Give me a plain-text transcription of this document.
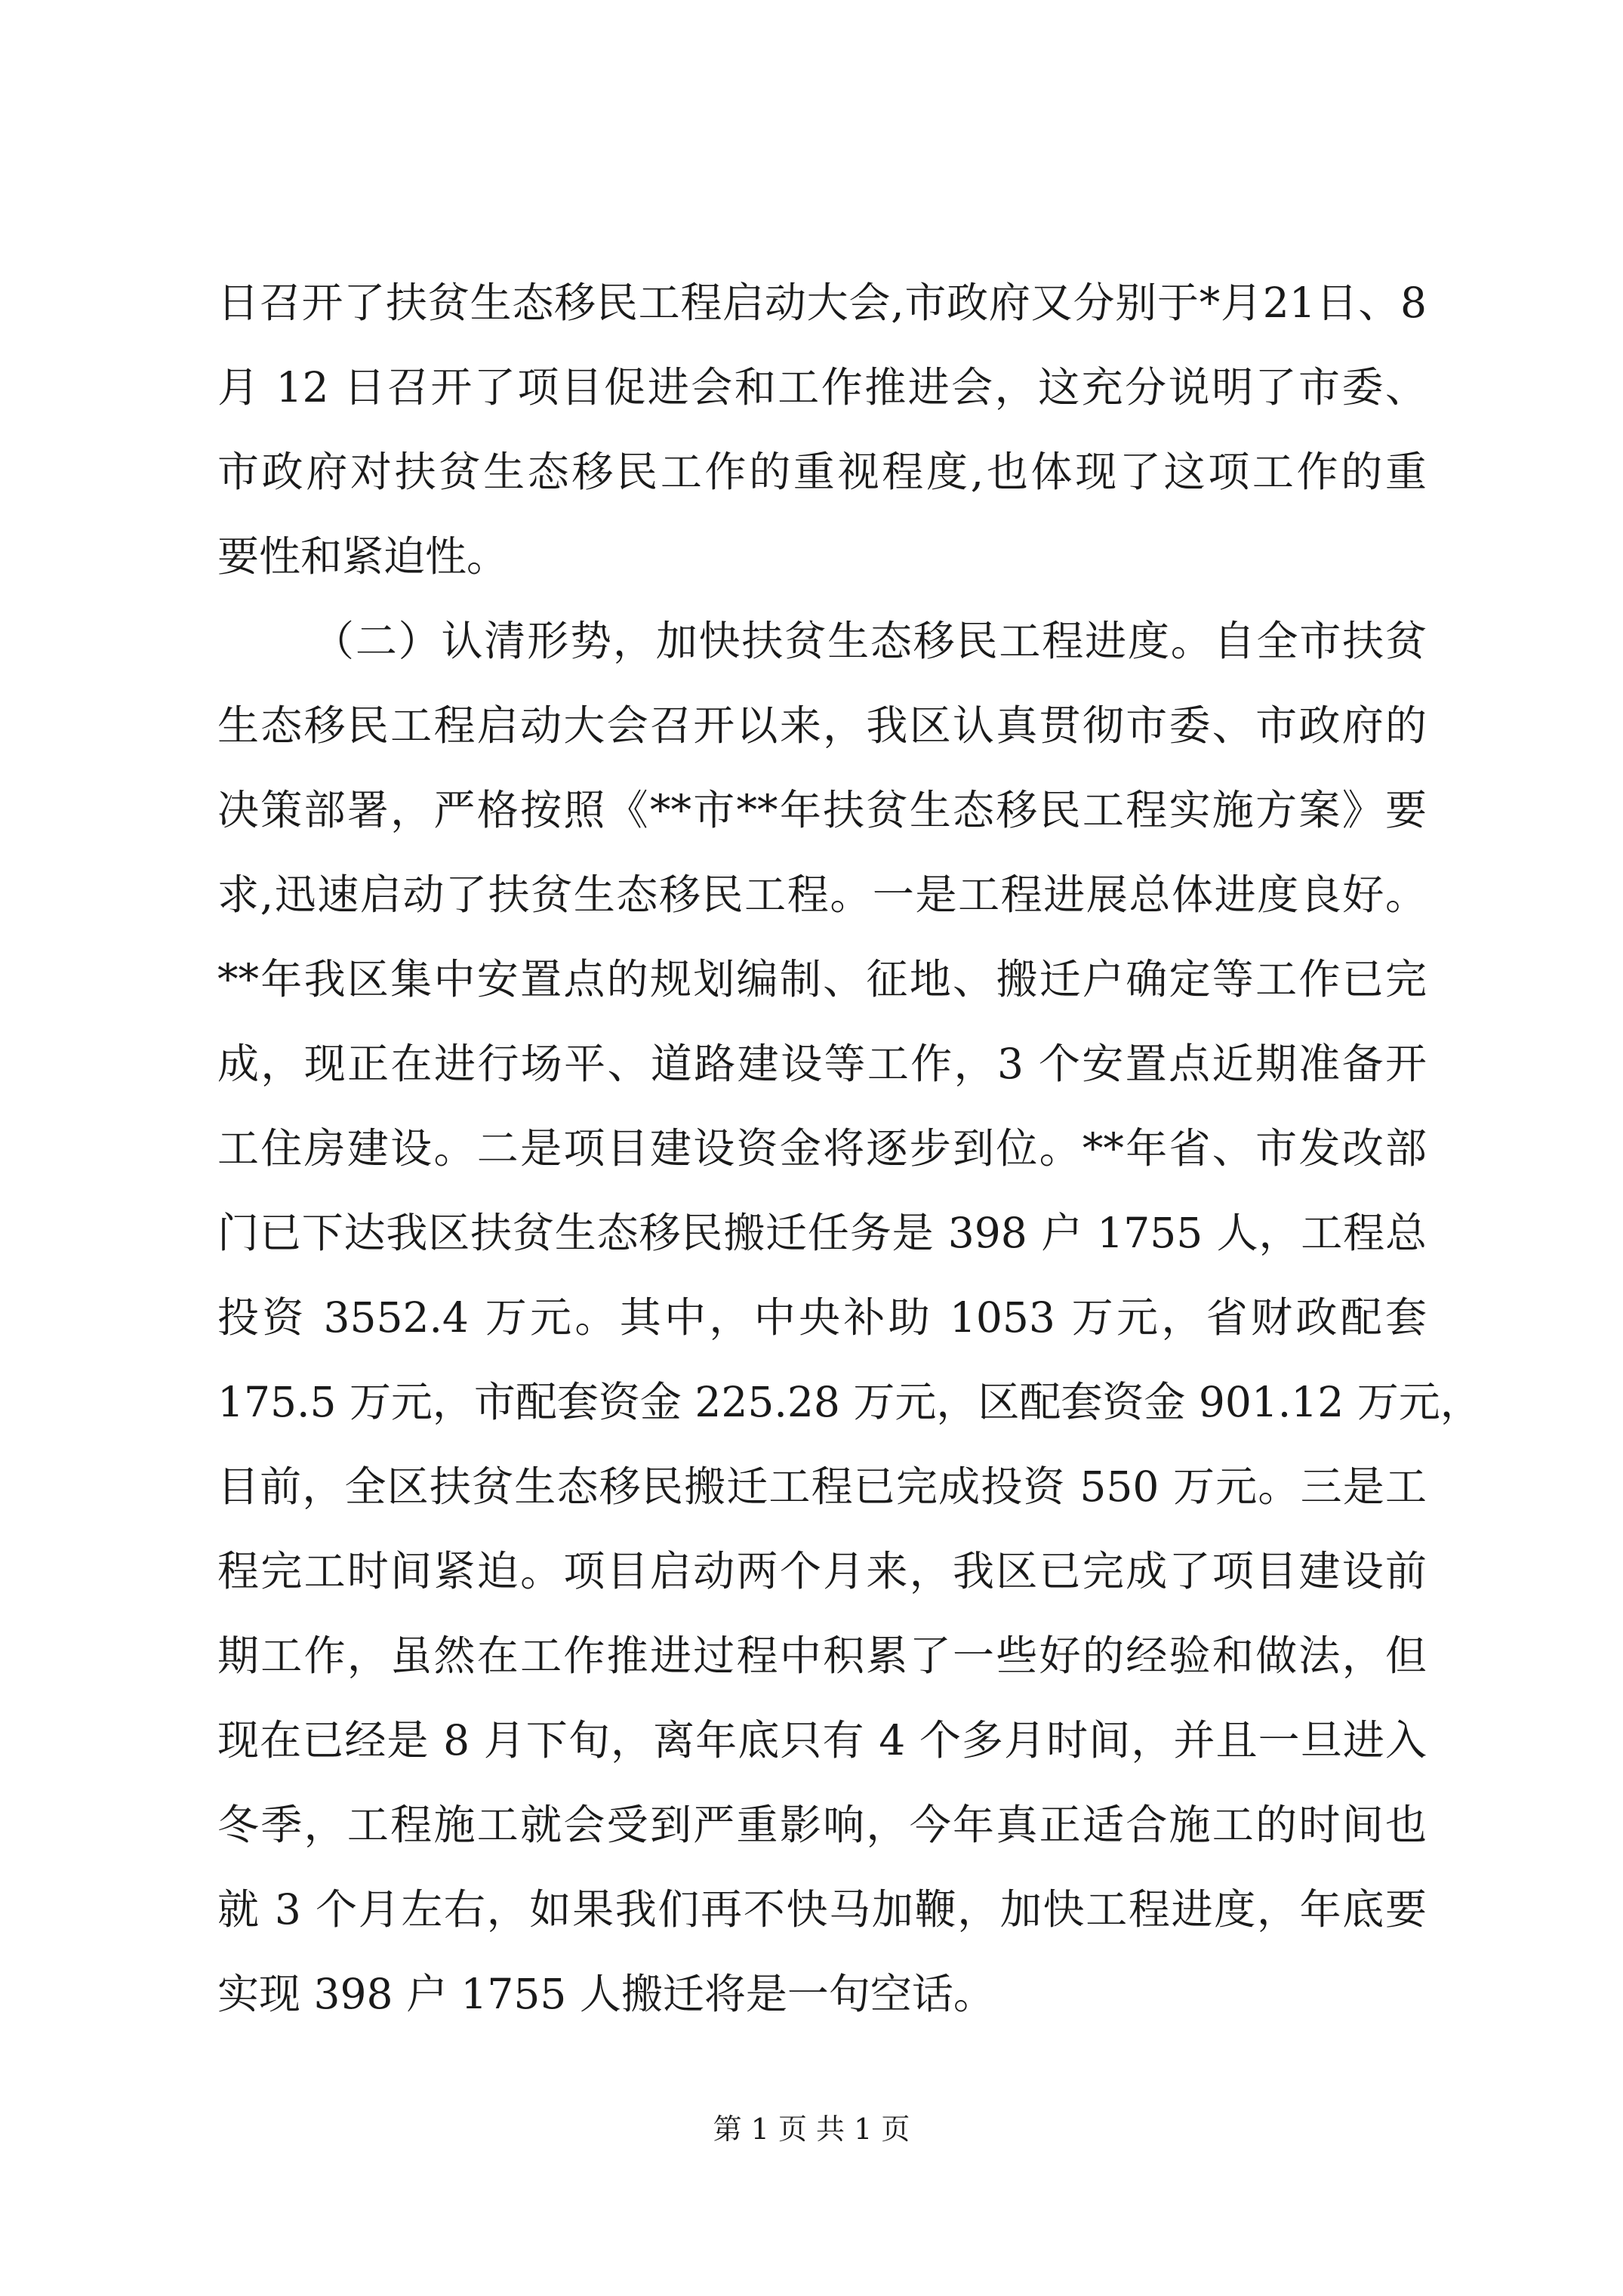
日召开了扶贫生态移民工程启动大会,市政府又分别于*月21日、8
月 12 日召开了项目促进会和工作推进会，这充分说明了市委、
市政府对扶贫生态移民工作的重视程度,也体现了这项工作的重
要性和紧迫性。
（二）认清形势，加快扶贫生态移民工程进度。自全市扶贫
生态移民工程启动大会召开以来，我区认真贯彻市委、市政府的
决策部署，严格按照《**市**年扶贫生态移民工程实施方案》要
求,迅速启动了扶贫生态移民工程。一是工程进展总体进度良好。
**年我区集中安置点的规划编制、征地、搬迁户确定等工作已完
成，现正在进行场平、道路建设等工作，3 个安置点近期准备开
工住房建设。二是项目建设资金将逐步到位。**年省、市发改部
门已下达我区扶贫生态移民搬迁任务是 398 户 1755 人，工程总
投资 3552.4 万元。其中，中央补助 1053 万元，省财政配套
175.5 万元，市配套资金 225.28 万元，区配套资金 901.12 万元，
目前，全区扶贫生态移民搬迁工程已完成投资 550 万元。三是工
程完工时间紧迫。项目启动两个月来，我区已完成了项目建设前
期工作，虽然在工作推进过程中积累了一些好的经验和做法，但
现在已经是 8 月下旬，离年底只有 4 个多月时间，并且一旦进入
冬季，工程施工就会受到严重影响，今年真正适合施工的时间也
就 3 个月左右，如果我们再不快马加鞭，加快工程进度，年底要
实现 398 户 1755 人搬迁将是一句空话。
第 1 页 共 1 页
